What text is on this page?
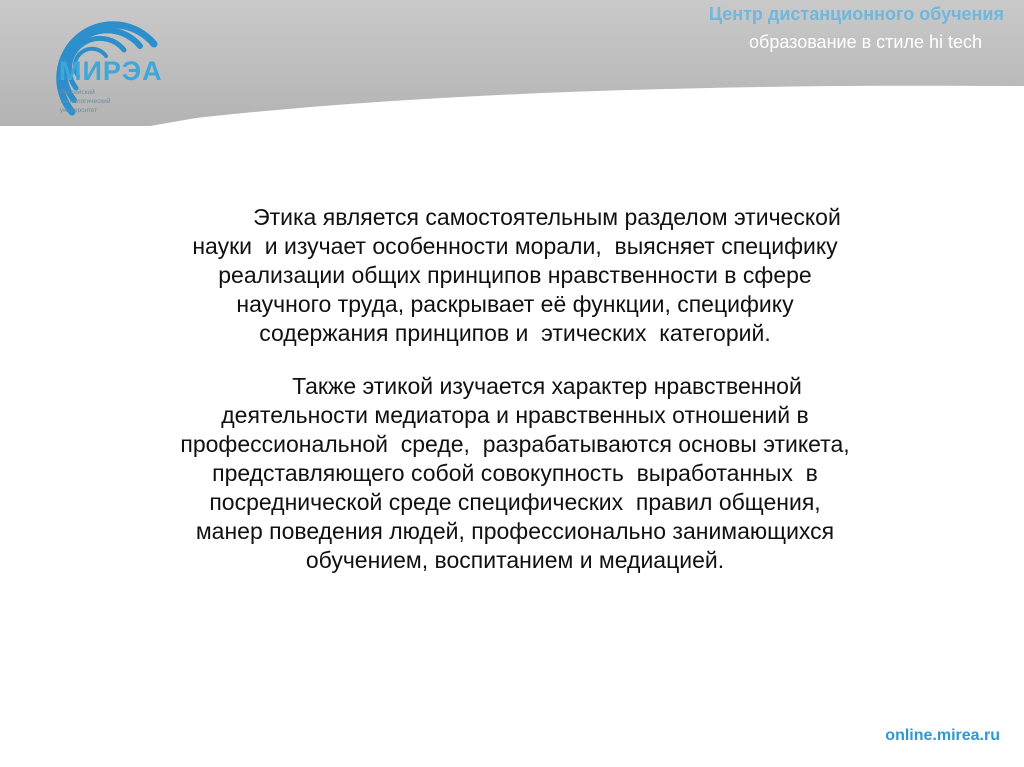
МИРЭА
Российский
технологический
университет
Центр дистанционного обучения
образование в стиле hi tech

Этика является самостоятельным разделом этической
науки  и изучает особенности морали,  выясняет специфику
реализации общих принципов нравственности в сфере
научного труда, раскрывает её функции, специфику
содержания принципов и  этических  категорий.

Также этикой изучается характер нравственной
деятельности медиатора и нравственных отношений в
профессиональной  среде,  разрабатываются основы этикета,
представляющего собой совокупность  выработанных  в
посреднической среде специфических  правил общения,
манер поведения людей, профессионально занимающихся
обучением, воспитанием и медиацией.

online.mirea.ru
